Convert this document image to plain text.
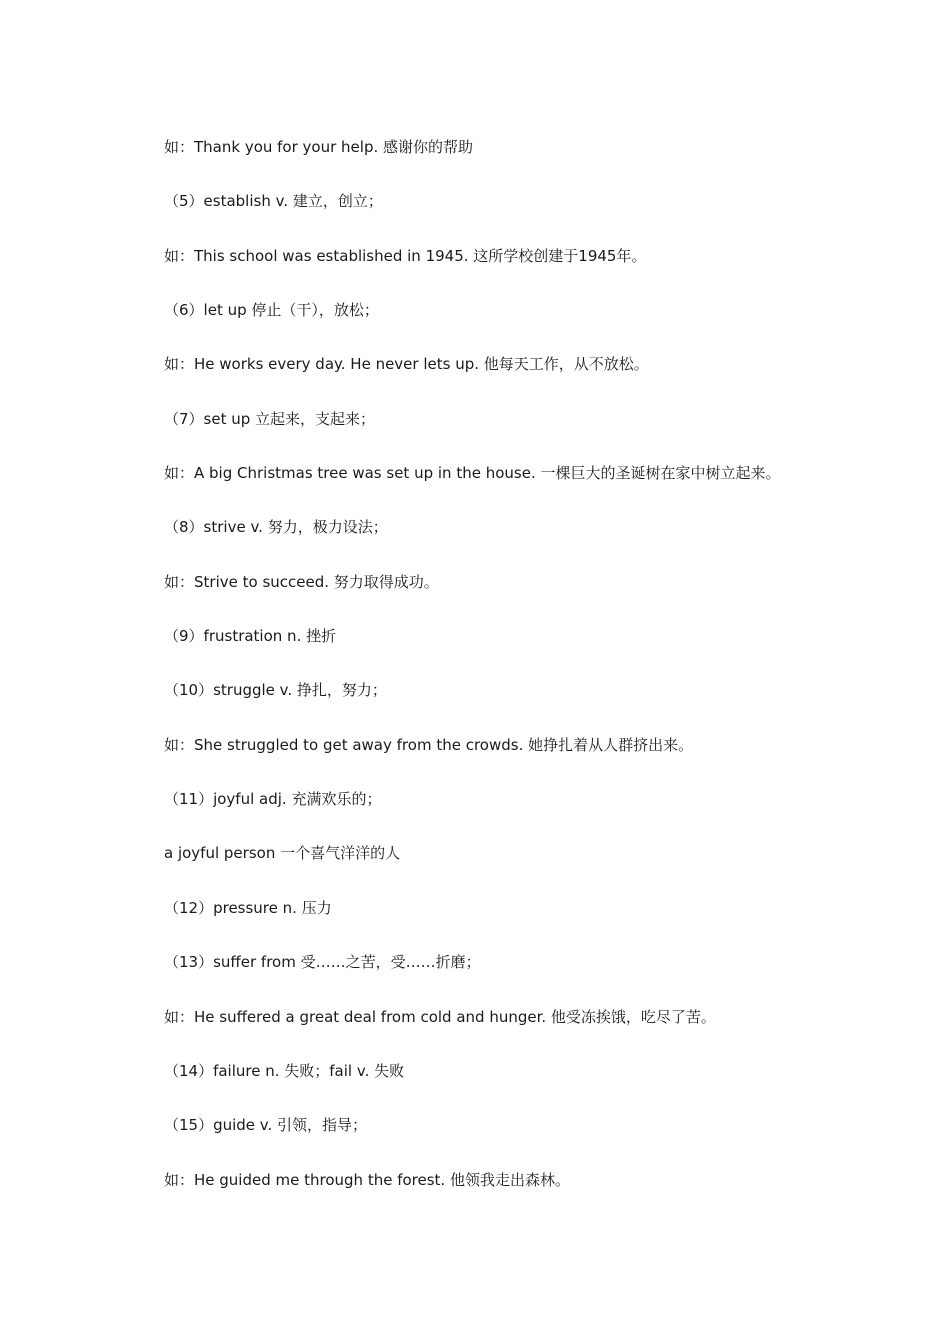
如：Thank you for your help. 感谢你的帮助
（5）establish v. 建立，创立；
如：This school was established in 1945. 这所学校创建于1945年。
（6）let up 停止（干），放松；
如：He works every day. He never lets up. 他每天工作，从不放松。
（7）set up 立起来，支起来；
如：A big Christmas tree was set up in the house. 一棵巨大的圣诞树在家中树立起来。
（8）strive v. 努力，极力设法；
如：Strive to succeed. 努力取得成功。
（9）frustration n. 挫折
（10）struggle v. 挣扎，努力；
如：She struggled to get away from the crowds. 她挣扎着从人群挤出来。
（11）joyful adj. 充满欢乐的；
a joyful person 一个喜气洋洋的人
（12）pressure n. 压力
（13）suffer from 受……之苦，受……折磨；
如：He suffered a great deal from cold and hunger. 他受冻挨饿，吃尽了苦。
（14）failure n. 失败；fail v. 失败
（15）guide v. 引领，指导；
如：He guided me through the forest. 他领我走出森林。
